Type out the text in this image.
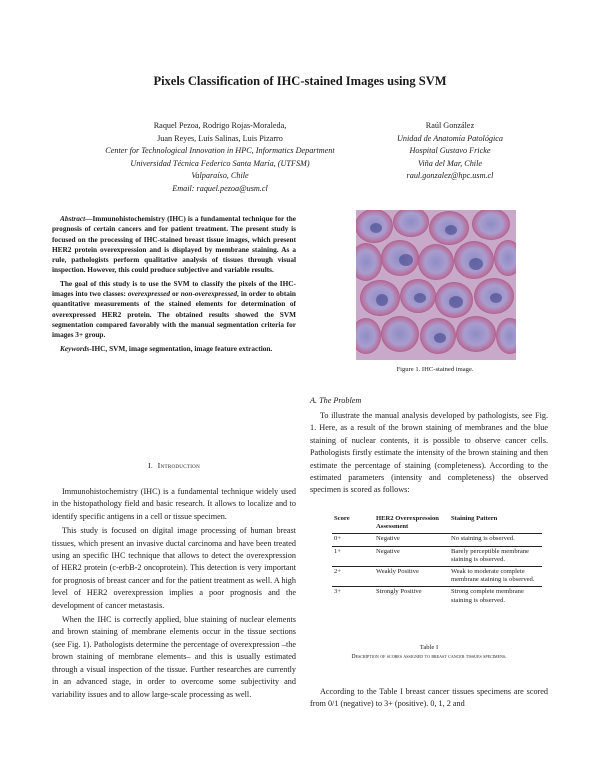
Pixels Classification of IHC-stained Images using SVM
Raquel Pezoa, Rodrigo Rojas-Moraleda,
Juan Reyes, Luis Salinas, Luis Pizarro
Center for Technological Innovation in HPC, Informatics Department
Universidad Técnica Federico Santa María, (UTFSM)
Valparaíso, Chile
Email: raquel.pezoa@usm.cl
Raúl González
Unidad de Anatomía Patológica
Hospital Gustavo Fricke
Viña del Mar, Chile
raul.gonzalez@hpc.usm.cl

Abstract—Immunohistochemistry (IHC) is a fundamental technique for the prognosis of certain cancers and for patient treatment. The present study is focused on the processing of IHC-stained breast tissue images, which present HER2 protein overexpression and is displayed by membrane staining. As a rule, pathologists perform qualitative analysis of tissues through visual inspection. However, this could produce subjective and variable results.

The goal of this study is to use the SVM to classify the pixels of the IHC-images into two classes: overexpressed or non-overexpressed, in order to obtain quantitative measurements of the stained elements for determination of overexpressed HER2 protein. The obtained results showed the SVM segmentation compared favorably with the manual segmentation criteria for images 3+ group.

Keywords-IHC, SVM, image segmentation, image feature extraction.

I. Introduction

Immunohistochemistry (IHC) is a fundamental technique widely used in the histopathology field and basic research. It allows to localize and to identify specific antigens in a cell or tissue specimen.

This study is focused on digital image processing of human breast tissues, which present an invasive ductal carcinoma and have been treated using an specific IHC technique that allows to detect the overexpression of HER2 protein (c-erbB-2 oncoprotein). This detection is very important for prognosis of breast cancer and for the patient treatment as well. A high level of HER2 overexpression implies a poor prognosis and the development of cancer metastasis.

When the IHC is correctly applied, blue staining of nuclear elements and brown staining of membrane elements occur in the tissue sections (see Fig. 1). Pathologists determine the percentage of overexpression –the brown staining of membrane elements– and this is usually estimated through a visual inspection of the tissue. Further researches are currently in an advanced stage, in order to overcome some subjectivity and variability issues and to allow large-scale processing as well.

Figure 1. IHC-stained image.
A. The Problem

To illustrate the manual analysis developed by pathologists, see Fig. 1. Here, as a result of the brown staining of membranes and the blue staining of nuclear contents, it is possible to observe cancer cells. Pathologists firstly estimate the intensity of the brown staining and then estimate the percentage of staining (completeness). According to the estimated parameters (intensity and completeness) the observed specimen is scored as follows:

Score	HER2 Overexpression Assessment	Staining Pattern
0+	Negative	No staining is observed.
1+	Negative	Barely perceptible membrane staining is observed.
2+	Weakly Positive	Weak to moderate complete membrane staining is observed.
3+	Strongly Positive	Strong complete membrane staining is observed.
Table I
Description of scores assigned to breast cancer tissues specimens.

According to the Table I breast cancer tissues specimens are scored from 0/1 (negative) to 3+ (positive). 0, 1, 2 and
